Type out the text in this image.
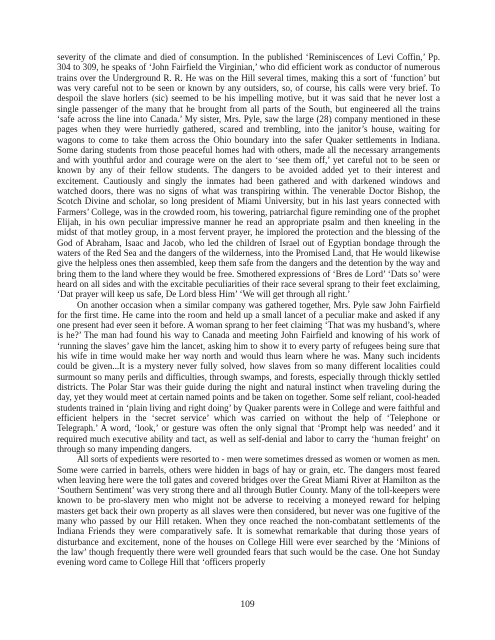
severity of the climate and died of consumption. In the published ‘Reminiscences of Levi Coffin,’ Pp. 304 to 309, he speaks of ‘John Fairfield the Virginian,’ who did efficient work as conductor of numerous trains over the Underground R. R. He was on the Hill several times, making this a sort of ‘function’ but was very careful not to be seen or known by any outsiders, so, of course, his calls were very brief. To despoil the slave horlers (sic) seemed to be his impelling motive, but it was said that he never lost a single passenger of the many that he brought from all parts of the South, but engineered all the trains ‘safe across the line into Canada.’ My sister, Mrs. Pyle, saw the large (28) company mentioned in these pages when they were hurriedly gathered, scared and trembling, into the janitor’s house, waiting for wagons to come to take them across the Ohio boundary into the safer Quaker settlements in Indiana. Some daring students from those peaceful homes had with others, made all the necessary arrangements and with youthful ardor and courage were on the alert to ‘see them off,’ yet careful not to be seen or known by any of their fellow students. The dangers to be avoided added yet to their interest and excitement. Cautiously and singly the inmates had been gathered and with darkened windows and watched doors, there was no signs of what was transpiring within. The venerable Doctor Bishop, the Scotch Divine and scholar, so long president of Miami University, but in his last years connected with Farmers’ College, was in the crowded room, his towering, patriarchal figure reminding one of the prophet Elijah, in his own peculiar impressive manner he read an appropriate psalm and then kneeling in the midst of that motley group, in a most fervent prayer, he implored the protection and the blessing of the God of Abraham, Isaac and Jacob, who led the children of Israel out of Egyptian bondage through the waters of the Red Sea and the dangers of the wilderness, into the Promised Land, that He would likewise give the helpless ones then assembled, keep them safe from the dangers and the detention by the way and bring them to the land where they would be free. Smothered expressions of ‘Bres de Lord’ ‘Dats so’ were heard on all sides and with the excitable peculiarities of their race several sprang to their feet exclaiming, ‘Dat prayer will keep us safe, De Lord bless Him’ ‘We will get through all right.’

On another occasion when a similar company was gathered together, Mrs. Pyle saw John Fairfield for the first time. He came into the room and held up a small lancet of a peculiar make and asked if any one present had ever seen it before. A woman sprang to her feet claiming ‘That was my husband’s, where is he?’ The man had found his way to Canada and meeting John Fairfield and knowing of his work of ‘running the slaves’ gave him the lancet, asking him to show it to every party of refugees being sure that his wife in time would make her way north and would thus learn where he was. Many such incidents could be given...It is a mystery never fully solved, how slaves from so many different localities could surmount so many perils and difficulties, through swamps, and forests, especially through thickly settled districts. The Polar Star was their guide during the night and natural instinct when traveling during the day, yet they would meet at certain named points and be taken on together. Some self reliant, cool-headed students trained in ‘plain living and right doing’ by Quaker parents were in College and were faithful and efficient helpers in the ‘secret service’ which was carried on without the help of ‘Telephone or Telegraph.’ A word, ‘look,’ or gesture was often the only signal that ‘Prompt help was needed’ and it required much executive ability and tact, as well as self-denial and labor to carry the ‘human freight’ on through so many impending dangers.

All sorts of expedients were resorted to - men were sometimes dressed as women or women as men. Some were carried in barrels, others were hidden in bags of hay or grain, etc. The dangers most feared when leaving here were the toll gates and covered bridges over the Great Miami River at Hamilton as the ‘Southern Sentiment’ was very strong there and all through Butler County. Many of the toll-keepers were known to be pro-slavery men who might not be adverse to receiving a moneyed reward for helping masters get back their own property as all slaves were then considered, but never was one fugitive of the many who passed by our Hill retaken. When they once reached the non-combatant settlements of the Indiana Friends they were comparatively safe. It is somewhat remarkable that during those years of disturbance and excitement, none of the houses on College Hill were ever searched by the ‘Minions of the law’ though frequently there were well grounded fears that such would be the case. One hot Sunday evening word came to College Hill that ‘officers properly

109
